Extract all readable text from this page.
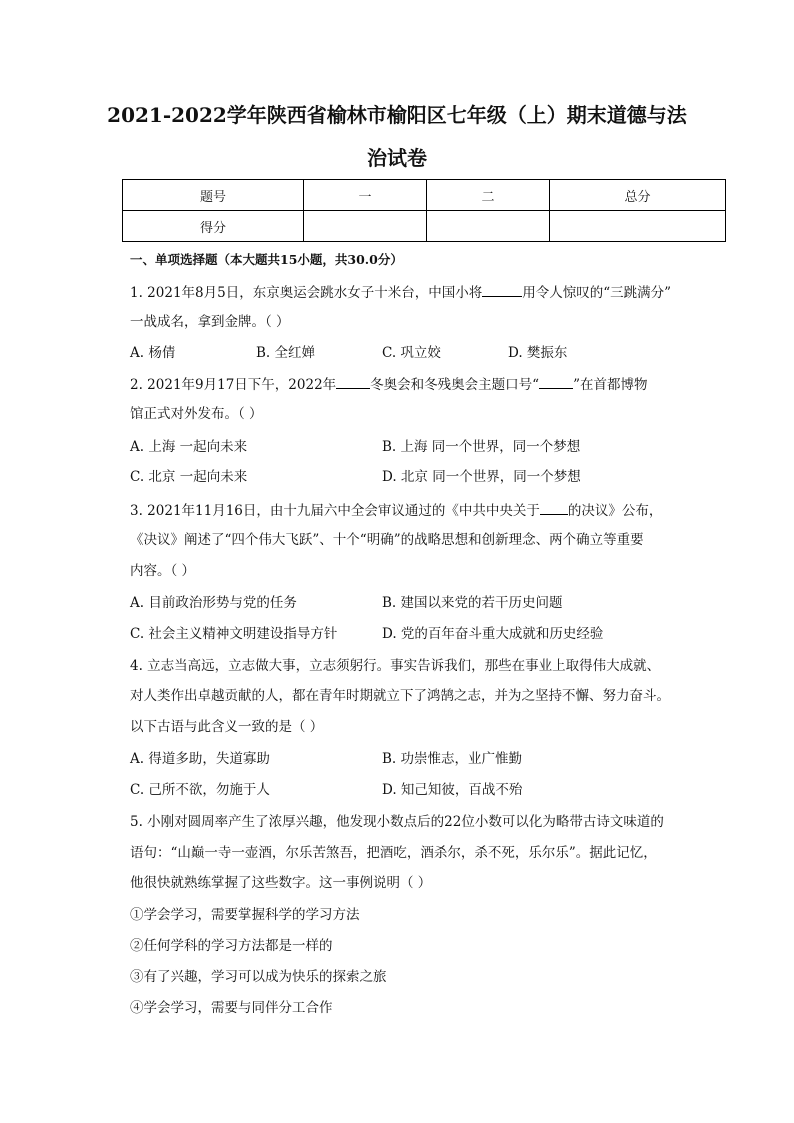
2021-2022学年陕西省榆林市榆阳区七年级（上）期末道德与法
治试卷
题号	一	二	总分
得分			

一、单项选择题（本大题共15小题，共30.0分）

1. 2021年8月5日，东京奥运会跳水女子十米台，中国小将	用令人惊叹的“三跳满分”

一战成名，拿到金牌。（ ）

A. 杨倩	B. 全红婵	C. 巩立姣	D. 樊振东

2. 2021年9月17日下午，2022年	冬奥会和冬残奥会主题口号“	”在首都博物

馆正式对外发布。（ ）

A. 上海 一起向未来	B. 上海 同一个世界，同一个梦想
C. 北京 一起向未来	D. 北京 同一个世界，同一个梦想

3. 2021年11月16日，由十九届六中全会审议通过的《中共中央关于 的决议》公布，

《决议》阐述了“四个伟大飞跃”、十个“明确”的战略思想和创新理念、两个确立等重要

内容。（ ）

A. 目前政治形势与党的任务	B. 建国以来党的若干历史问题
C. 社会主义精神文明建设指导方针	D. 党的百年奋斗重大成就和历史经验

4. 立志当高远，立志做大事，立志须躬行。事实告诉我们，那些在事业上取得伟大成就、

对人类作出卓越贡献的人，都在青年时期就立下了鸿鹄之志，并为之坚持不懈、努力奋斗。

以下古语与此含义一致的是（ ）

A. 得道多助，失道寡助	B. 功崇惟志，业广惟勤
C. 己所不欲，勿施于人	D. 知己知彼，百战不殆

5. 小刚对圆周率产生了浓厚兴趣，他发现小数点后的22位小数可以化为略带古诗文味道的

语句：“山巅一寺一壶酒，尔乐苦煞吾，把酒吃，酒杀尔，杀不死，乐尔乐”。据此记忆，

他很快就熟练掌握了这些数字。这一事例说明（ ）

①学会学习，需要掌握科学的学习方法

②任何学科的学习方法都是一样的

③有了兴趣，学习可以成为快乐的探索之旅

④学会学习，需要与同伴分工合作
